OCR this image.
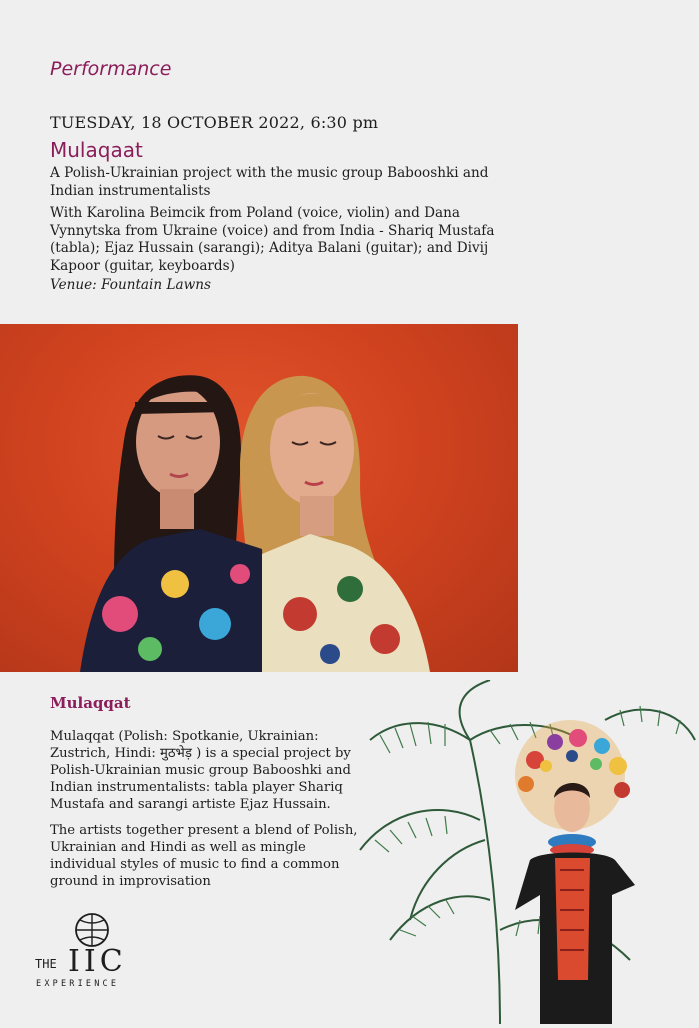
Performance
TUESDAY, 18 OCTOBER 2022, 6:30 pm
Mulaqaat
A Polish-Ukrainian project with the music group Babooshki and Indian instrumentalists
With Karolina Beimcik from Poland (voice, violin) and Dana Vynnytska from Ukraine (voice) and from India - Shariq Mustafa (tabla); Ejaz Hussain (sarangi); Aditya Balani (guitar); and Divij Kapoor (guitar, keyboards)
Venue: Fountain Lawns
Mulaqqat
Mulaqqat (Polish: Spotkanie, Ukrainian: Zustrich, Hindi: मुठभेड़ ) is a special project by Polish-Ukrainian music group Babooshki and Indian instrumentalists: tabla player Shariq Mustafa and sarangi artiste Ejaz Hussain.
The artists together present a blend of Polish, Ukrainian and Hindi as well as mingle individual styles of music to find a common ground in improvisation
THE IIC
EXPERIENCE
